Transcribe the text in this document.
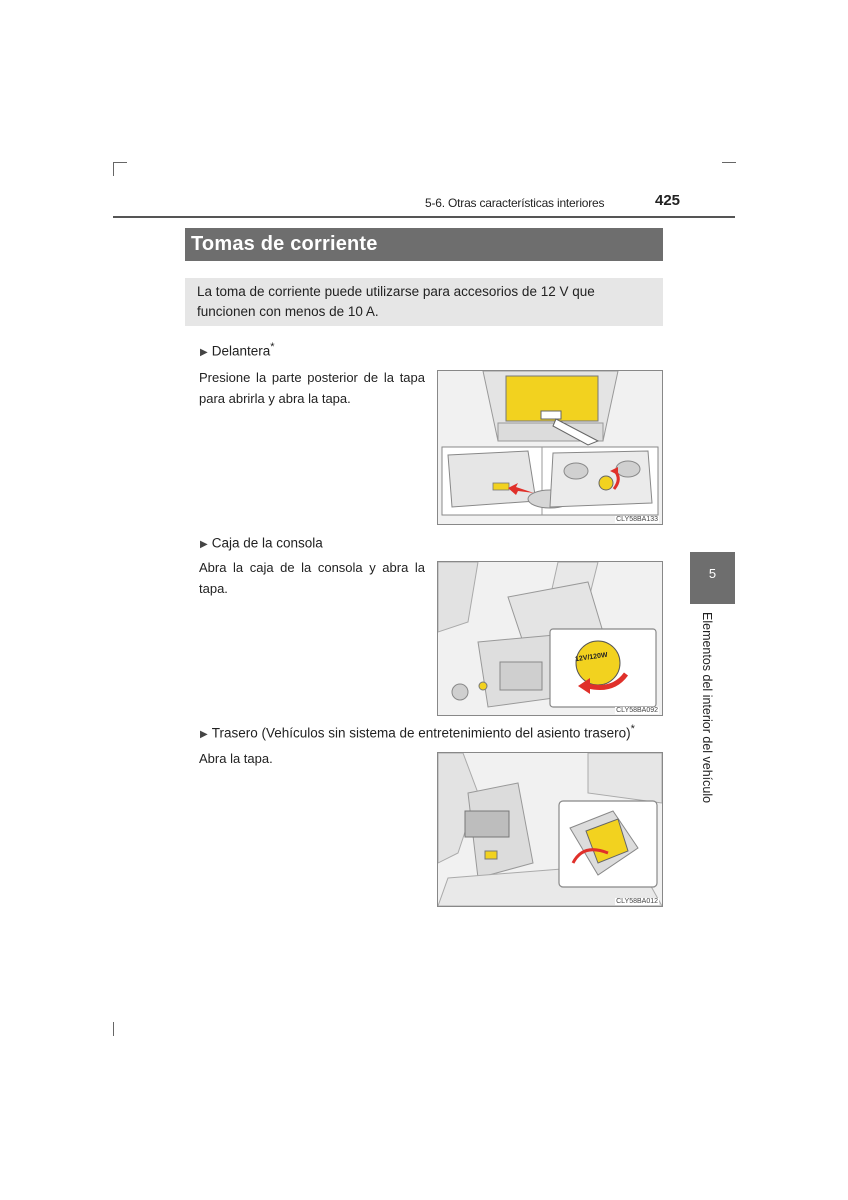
5-6. Otras características interiores	425
Tomas de corriente
La toma de corriente puede utilizarse para accesorios de 12 V que funcionen con menos de 10 A.
▶ Delantera*
Presione la parte posterior de la tapa para abrirla y abra la tapa.
CLY58BA133
▶ Caja de la consola
Abra la caja de la consola y abra la tapa.
12V/120W
CLY58BA092
▶ Trasero (Vehículos sin sistema de entretenimiento del asiento trasero)*
Abra la tapa.
CLY58BA012
5
Elementos del interior del vehículo
